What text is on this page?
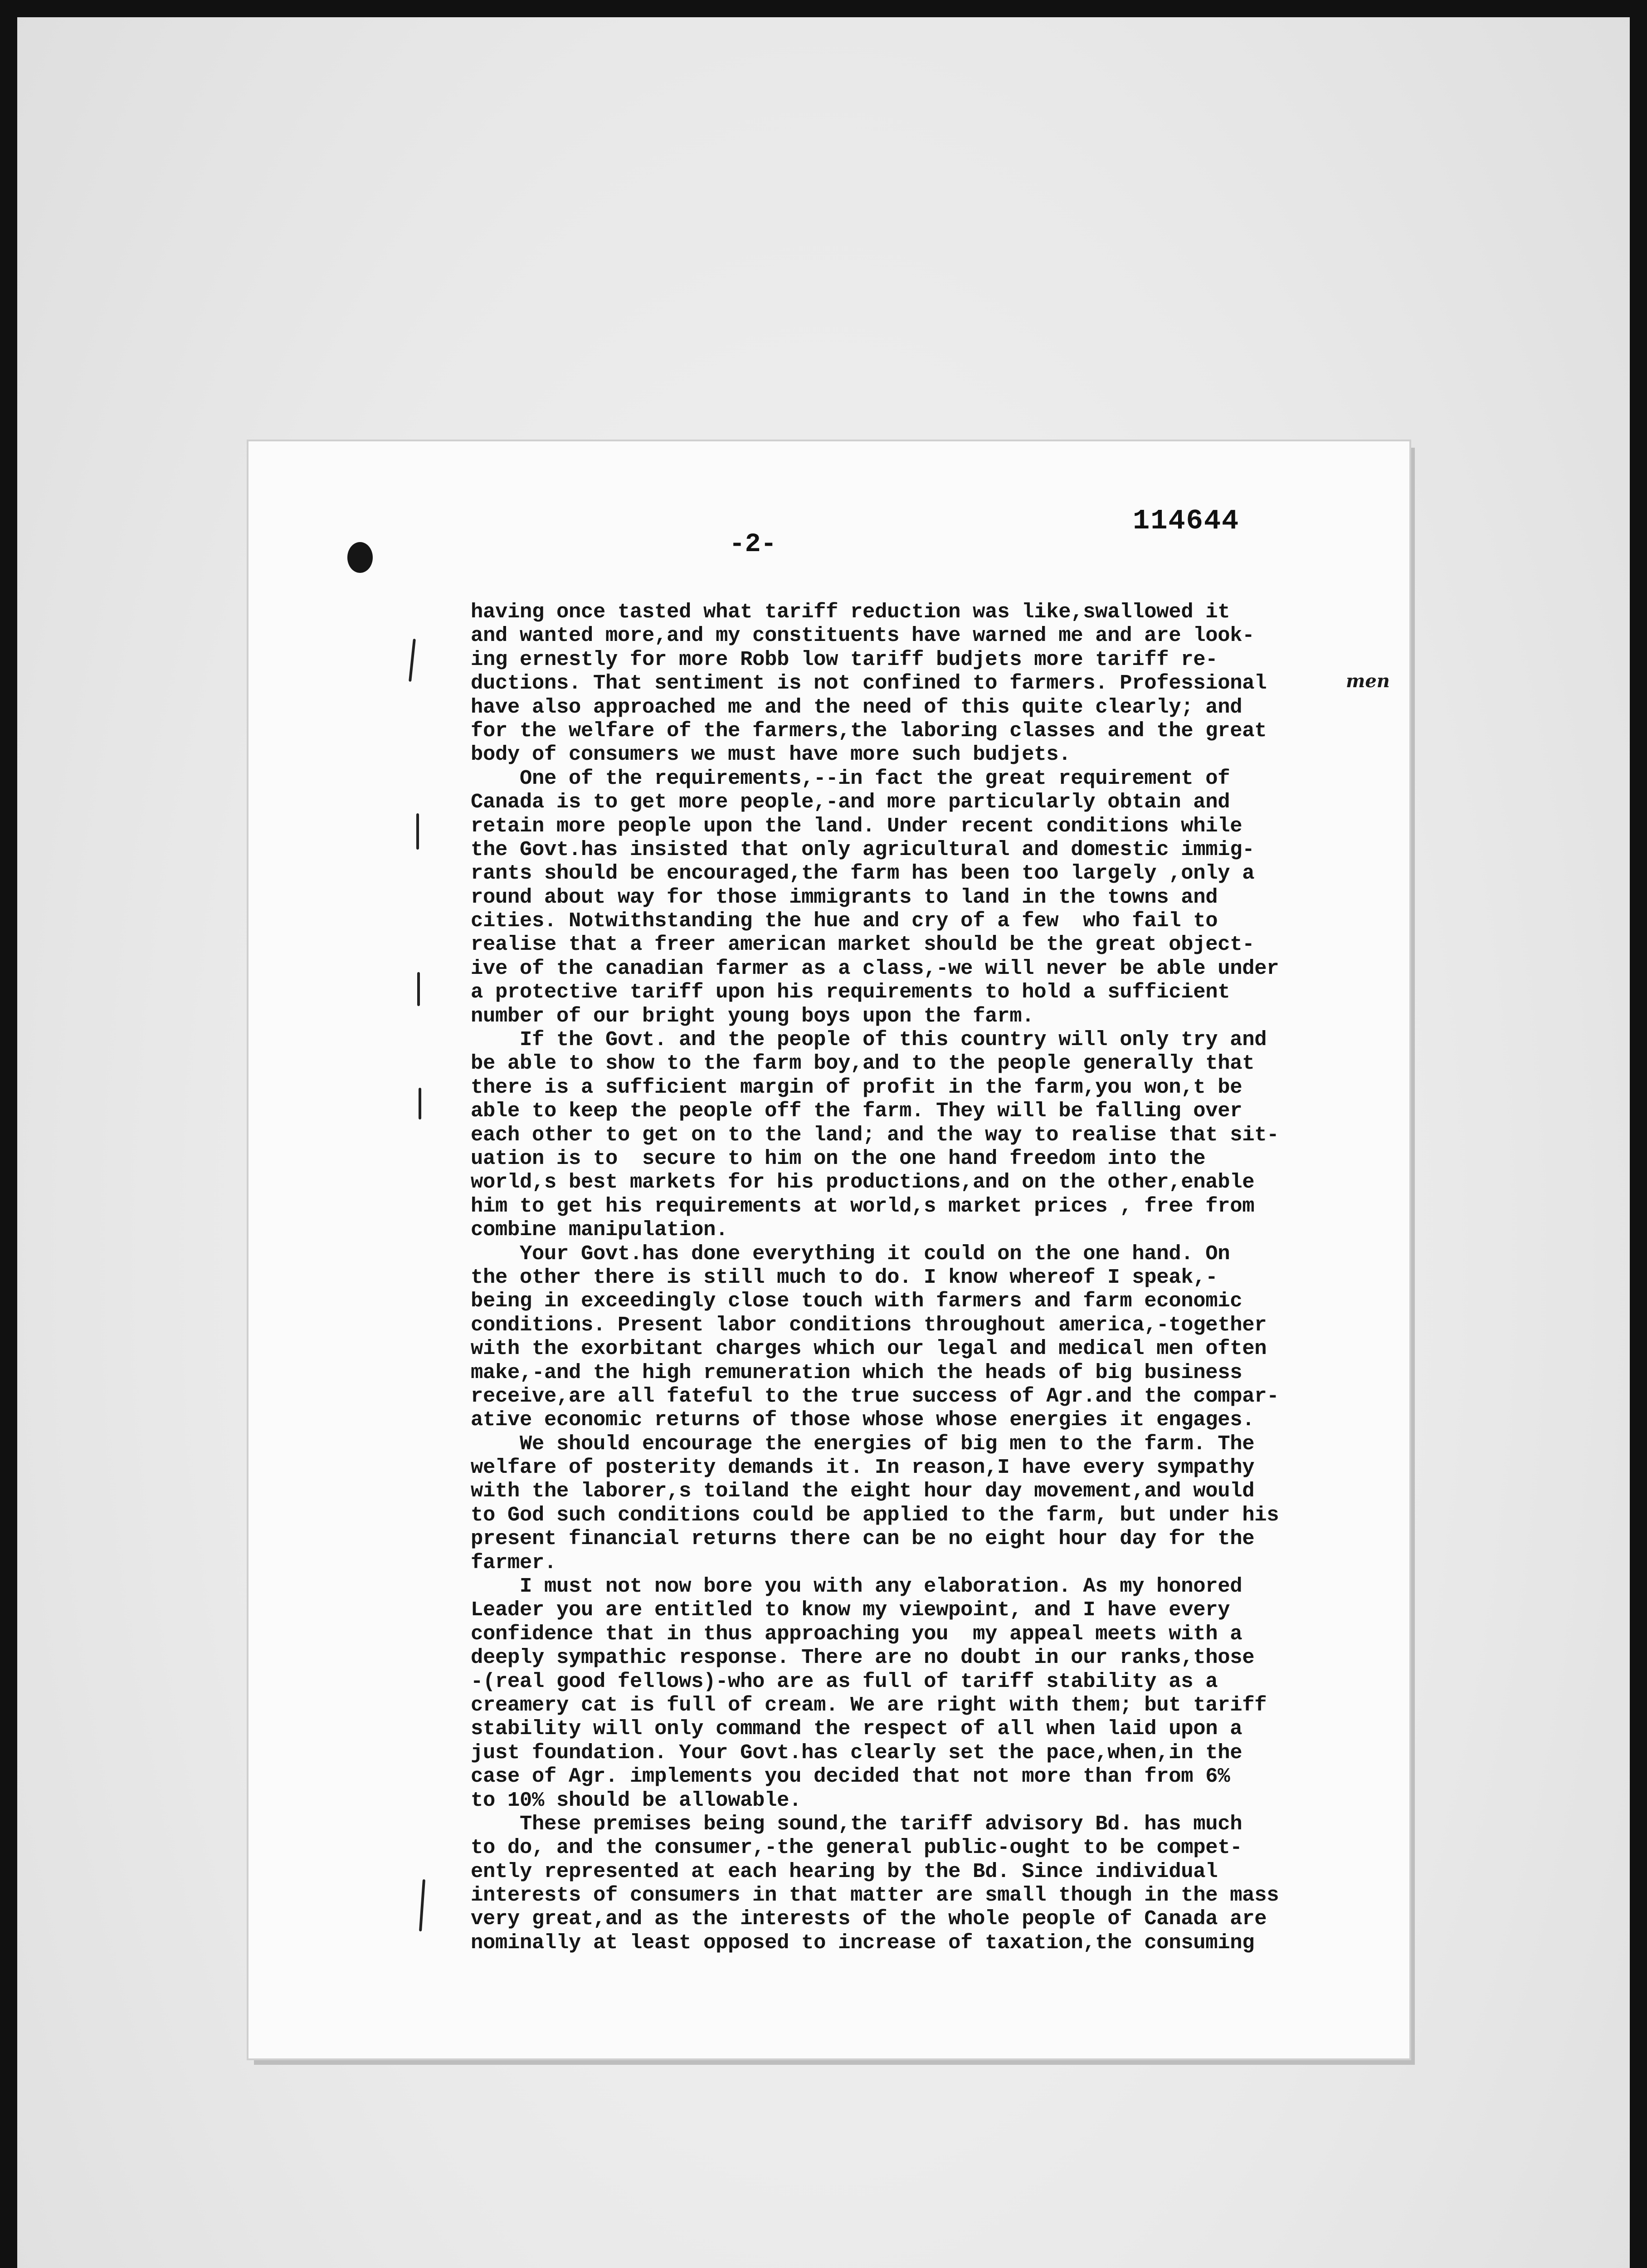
-2-
114644
having once tasted what tariff reduction was like,swallowed it
and wanted more,and my constituents have warned me and are look-
ing ernestly for more Robb low tariff budjets more tariff re-
ductions. That sentiment is not confined to farmers. Professional
have also approached me and the need of this quite clearly; and
for the welfare of the farmers,the laboring classes and the great
body of consumers we must have more such budjets.
One of the requirements,--in fact the great requirement of
Canada is to get more people,-and more particularly obtain and
retain more people upon the land. Under recent conditions while
the Govt.has insisted that only agricultural and domestic immig-
rants should be encouraged,the farm has been too largely ,only a
round about way for those immigrants to land in the towns and
cities. Notwithstanding the hue and cry of a few  who fail to
realise that a freer american market should be the great object-
ive of the canadian farmer as a class,-we will never be able under
a protective tariff upon his requirements to hold a sufficient
number of our bright young boys upon the farm.
If the Govt. and the people of this country will only try and
be able to show to the farm boy,and to the people generally that
there is a sufficient margin of profit in the farm,you won,t be
able to keep the people off the farm. They will be falling over
each other to get on to the land; and the way to realise that sit-
uation is to  secure to him on the one hand freedom into the
world,s best markets for his productions,and on the other,enable
him to get his requirements at world,s market prices , free from
combine manipulation.
Your Govt.has done everything it could on the one hand. On
the other there is still much to do. I know whereof I speak,-
being in exceedingly close touch with farmers and farm economic
conditions. Present labor conditions throughout america,-together
with the exorbitant charges which our legal and medical men often
make,-and the high remuneration which the heads of big business
receive,are all fateful to the true success of Agr.and the compar-
ative economic returns of those whose whose energies it engages.
We should encourage the energies of big men to the farm. The
welfare of posterity demands it. In reason,I have every sympathy
with the laborer,s toiland the eight hour day movement,and would
to God such conditions could be applied to the farm, but under his
present financial returns there can be no eight hour day for the
farmer.
I must not now bore you with any elaboration. As my honored
Leader you are entitled to know my viewpoint, and I have every
confidence that in thus approaching you  my appeal meets with a
deeply sympathic response. There are no doubt in our ranks,those
-(real good fellows)-who are as full of tariff stability as a
creamery cat is full of cream. We are right with them; but tariff
stability will only command the respect of all when laid upon a
just foundation. Your Govt.has clearly set the pace,when,in the
case of Agr. implements you decided that not more than from 6%
to 10% should be allowable.
These premises being sound,the tariff advisory Bd. has much
to do, and the consumer,-the general public-ought to be compet-
ently represented at each hearing by the Bd. Since individual
interests of consumers in that matter are small though in the mass
very great,and as the interests of the whole people of Canada are
nominally at least opposed to increase of taxation,the consuming
men
